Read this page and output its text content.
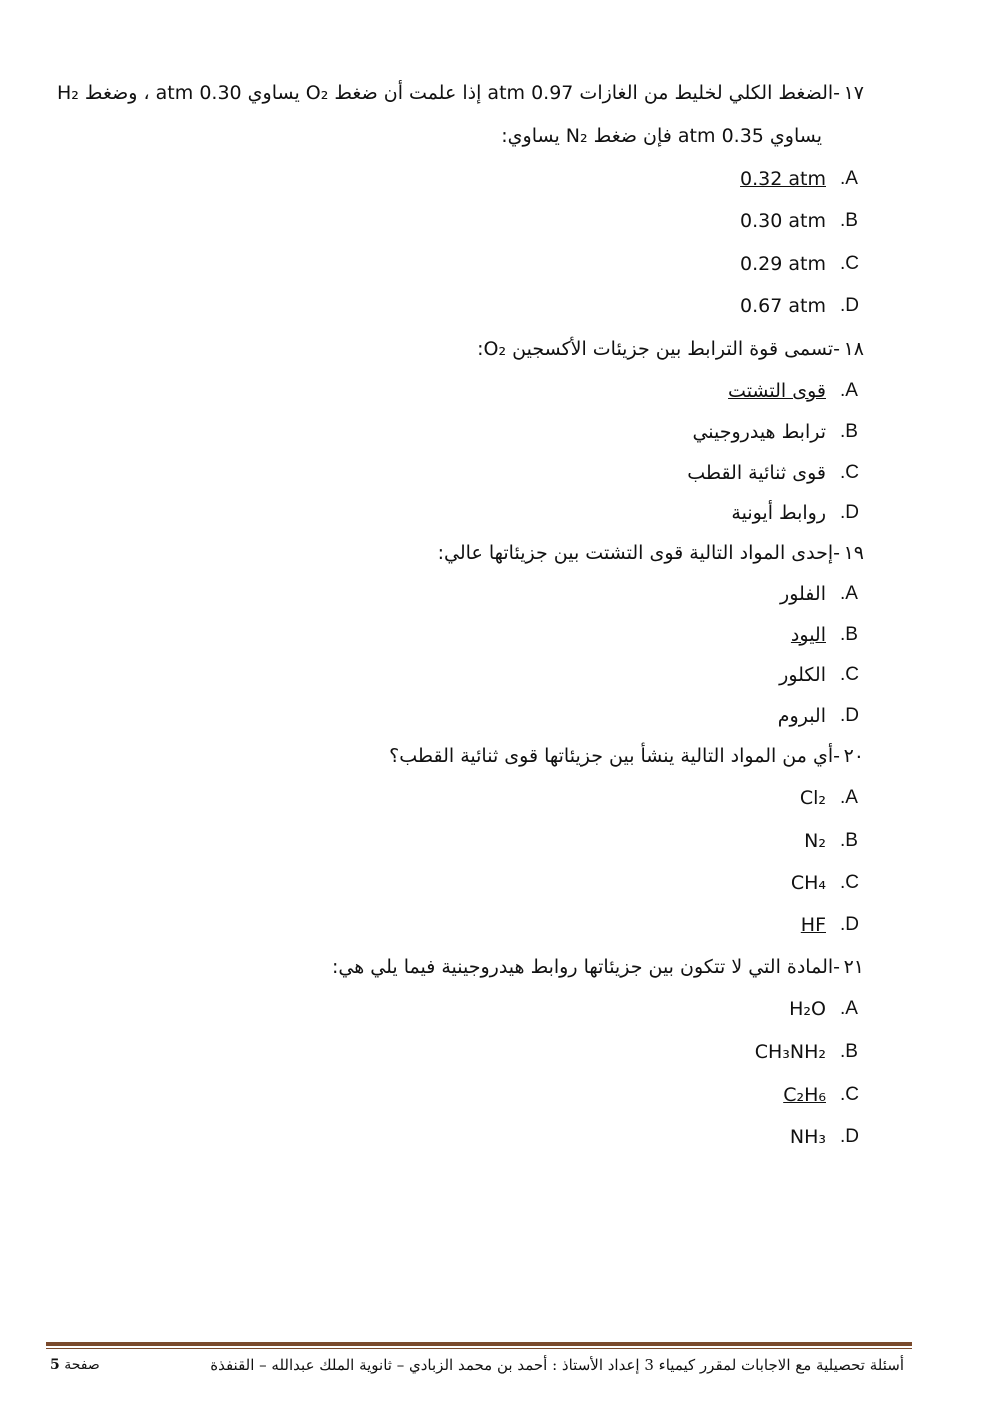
١٧-الضغط الكلي لخليط من الغازات 0.97 atm إذا علمت أن ضغط O₂ يساوي 0.30 atm ، وضغط H₂
يساوي 0.35 atm فإن ضغط N₂ يساوي:
.A
0.32 atm
.B
0.30 atm
.C
0.29 atm
.D
0.67 atm
١٨-تسمى قوة الترابط بين جزيئات الأكسجين O₂:
.A
قوى التشتت
.B
ترابط هيدروجيني
.C
قوى ثنائية القطب
.D
روابط أيونية
١٩-إحدى المواد التالية قوى التشتت بين جزيئاتها عالي:
.A
الفلور
.B
اليود
.C
الكلور
.D
البروم
٢٠-أي من المواد التالية ينشأ بين جزيئاتها قوى ثنائية القطب؟
.A
Cl₂
.B
N₂
.C
CH₄
.D
HF
٢١-المادة التي لا تتكون بين جزيئاتها روابط هيدروجينية فيما يلي هي:
.A
H₂O
.B
CH₃NH₂
.C
C₂H₆
.D
NH₃
أسئلة تحصيلية مع الاجابات لمقرر كيمياء 3 إعداد الأستاذ : أحمد بن محمد الزبادي – ثانوية الملك عبدالله – القنفذة
صفحة 5
